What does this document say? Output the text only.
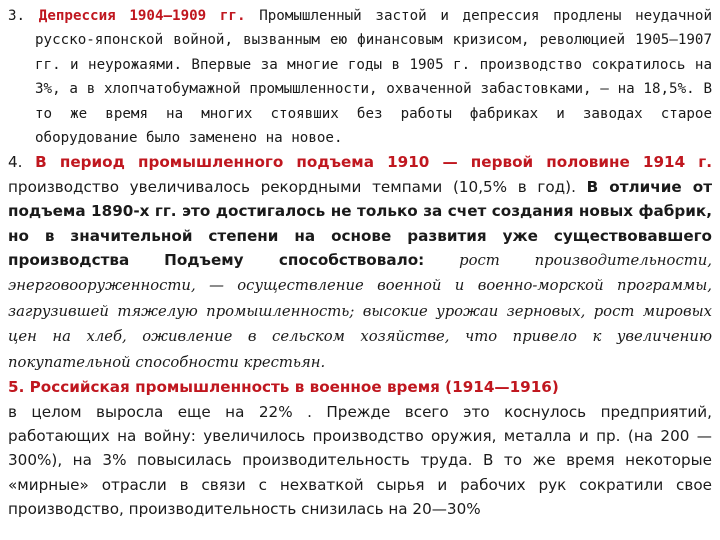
3. Депрессия 1904—1909 гг. Промышленный застой и депрессия продлены неудачной русско-японской войной, вызванным ею финансовым кризисом, революцией 1905—1907 гг. и неурожаями. Впервые за многие годы в 1905 г. производство сократилось на 3%, а в хлопчатобумажной промышленности, охваченной забастовками, — на 18,5%. В то же время на многих стоявших без работы фабриках и заводах старое оборудование было заменено на новое.

4. В период промышленного подъема 1910 — первой половине 1914 г. производство увеличивалось рекордными темпами (10,5% в год). В отличие от подъема 1890-х гг. это достигалось не только за счет создания новых фабрик, но в значительной степени на основе развития уже существовавшего производства Подъему способствовало: рост производительности, энерговооруженности, — осуществление военной и военно-морской программы, загрузившей тяжелую промышленность; высокие урожаи зерновых, рост мировых цен на хлеб, оживление в сельском хозяйстве, что привело к увеличению покупательной способности крестьян.

5. Российская промышленность в военное время (1914—1916)

в целом выросла еще на 22% . Прежде всего это коснулось предприятий, работающих на войну: увеличилось производство оружия, металла и пр. (на 200 —300%), на 3% повысилась производительность труда. В то же время некоторые «мирные» отрасли в связи с нехваткой сырья и рабочих рук сократили свое производство, производительность снизилась на 20—30%
